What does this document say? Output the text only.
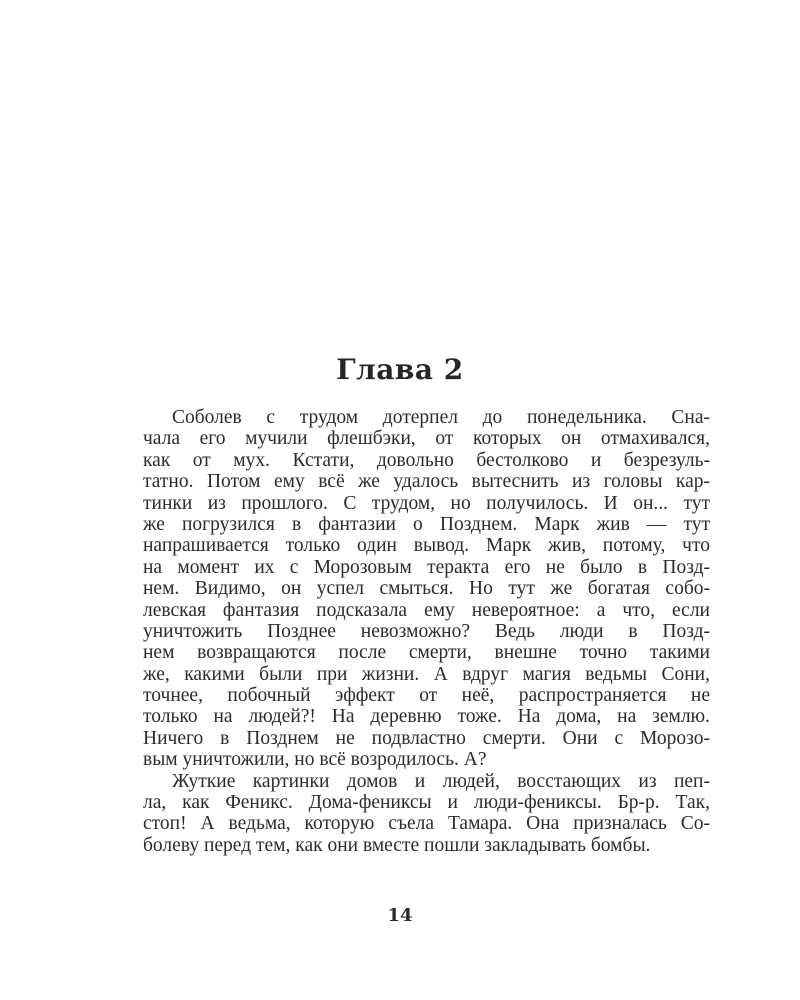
Глава 2
Соболев с трудом дотерпел до понедельника. Сна-
чала его мучили флешбэки, от которых он отмахивался,
как от мух. Кстати, довольно бестолково и безрезуль-
татно. Потом ему всё же удалось вытеснить из головы кар-
тинки из прошлого. С трудом, но получилось. И он... тут
же погрузился в фантазии о Позднем. Марк жив — тут
напрашивается только один вывод. Марк жив, потому, что
на момент их с Морозовым теракта его не было в Позд-
нем. Видимо, он успел смыться. Но тут же богатая собо-
левская фантазия подсказала ему невероятное: а что, если
уничтожить Позднее невозможно? Ведь люди в Позд-
нем возвращаются после смерти, внешне точно такими
же, какими были при жизни. А вдруг магия ведьмы Сони,
точнее, побочный эффект от неё, распространяется не
только на людей?! На деревню тоже. На дома, на землю.
Ничего в Позднем не подвластно смерти. Они с Морозо-
вым уничтожили, но всё возродилось. А?
Жуткие картинки домов и людей, восстающих из пеп-
ла, как Феникс. Дома-фениксы и люди-фениксы. Бр-р. Так,
стоп! А ведьма, которую съела Тамара. Она призналась Со-
болеву перед тем, как они вместе пошли закладывать бомбы.
14
